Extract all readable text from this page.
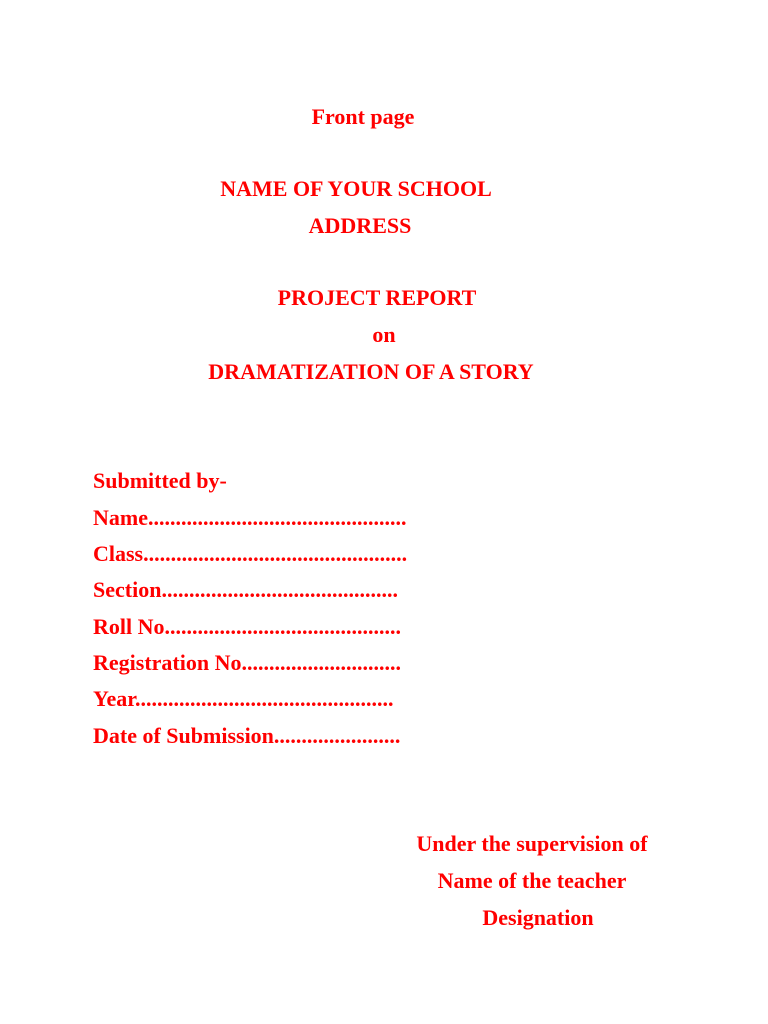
Front page
NAME OF YOUR SCHOOL
ADDRESS
PROJECT REPORT
on
DRAMATIZATION OF A STORY
Submitted by-
Name...............................................
Class................................................
Section...........................................
Roll No...........................................
Registration No.............................
Year...............................................
Date of Submission.......................
Under the supervision of
Name of the teacher
Designation
